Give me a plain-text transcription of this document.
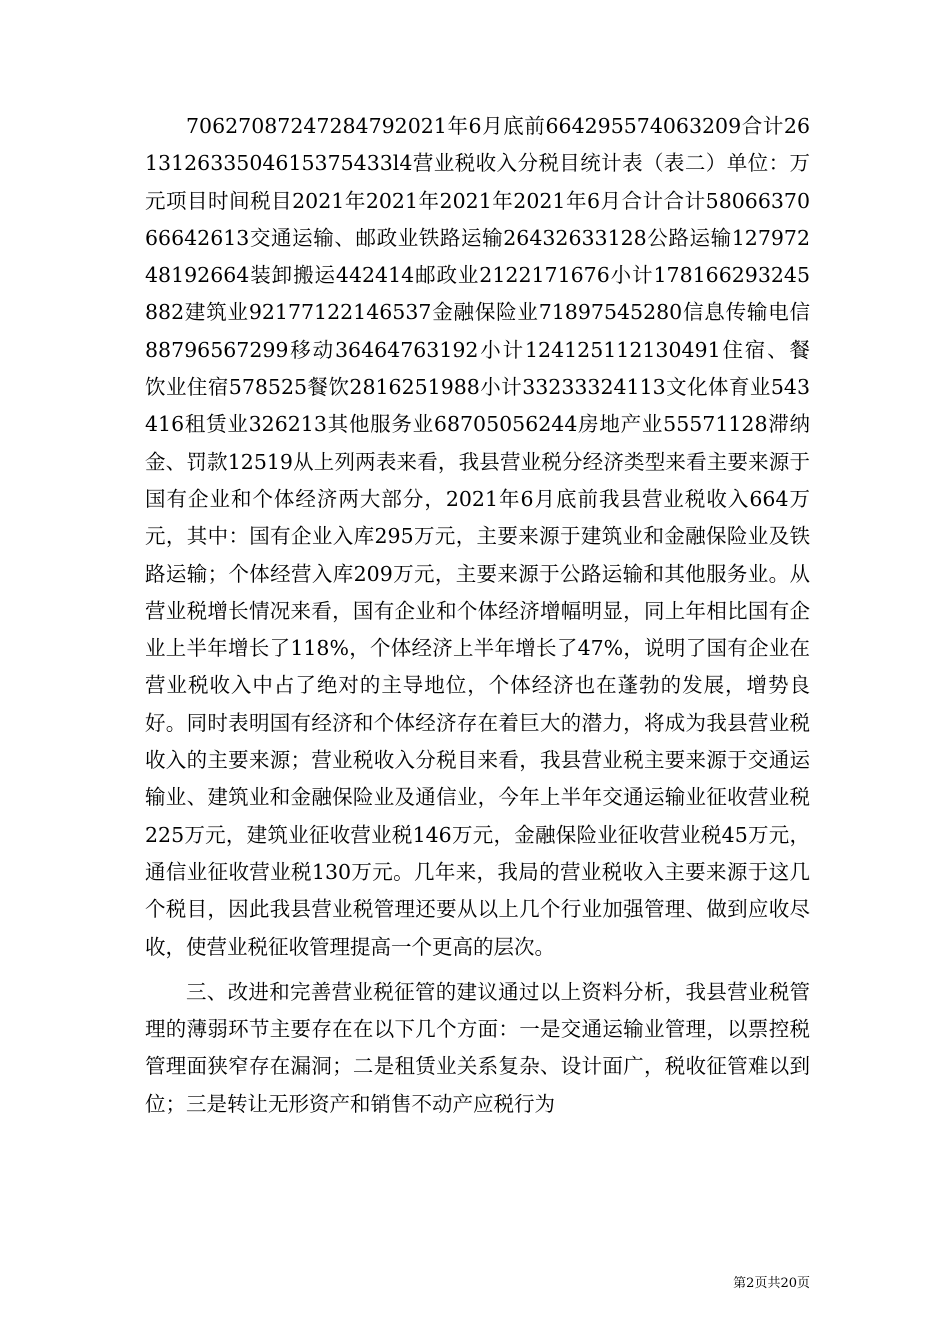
70627087247284792021年6月底前664295574063209合计261312633504615375433l4营业税收入分税目统计表（表二）单位：万元项目时间税目2021年2021年2021年2021年6月合计合计5806637066642613交通运输、邮政业铁路运输26432633128公路运输12797248192664装卸搬运442414邮政业2122171676小计178166293245882建筑业92177122146537金融保险业71897545280信息传输电信88796567299移动36464763192小计124125112130491住宿、餐饮业住宿578525餐饮2816251988小计33233324113文化体育业543416租赁业326213其他服务业68705056244房地产业55571128滞纳金、罚款12519从上列两表来看，我县营业税分经济类型来看主要来源于国有企业和个体经济两大部分，2021年6月底前我县营业税收入664万元，其中：国有企业入库295万元，主要来源于建筑业和金融保险业及铁路运输；个体经营入库209万元，主要来源于公路运输和其他服务业。从营业税增长情况来看，国有企业和个体经济增幅明显，同上年相比国有企业上半年增长了118%，个体经济上半年增长了47%，说明了国有企业在营业税收入中占了绝对的主导地位，个体经济也在蓬勃的发展，增势良好。同时表明国有经济和个体经济存在着巨大的潜力，将成为我县营业税收入的主要来源；营业税收入分税目来看，我县营业税主要来源于交通运输业、建筑业和金融保险业及通信业，今年上半年交通运输业征收营业税225万元，建筑业征收营业税146万元，金融保险业征收营业税45万元，通信业征收营业税130万元。几年来，我局的营业税收入主要来源于这几个税目，因此我县营业税管理还要从以上几个行业加强管理、做到应收尽收，使营业税征收管理提高一个更高的层次。

三、改进和完善营业税征管的建议通过以上资料分析，我县营业税管理的薄弱环节主要存在在以下几个方面：一是交通运输业管理，以票控税管理面狭窄存在漏洞；二是租赁业关系复杂、设计面广，税收征管难以到位；三是转让无形资产和销售不动产应税行为

第2页共20页
